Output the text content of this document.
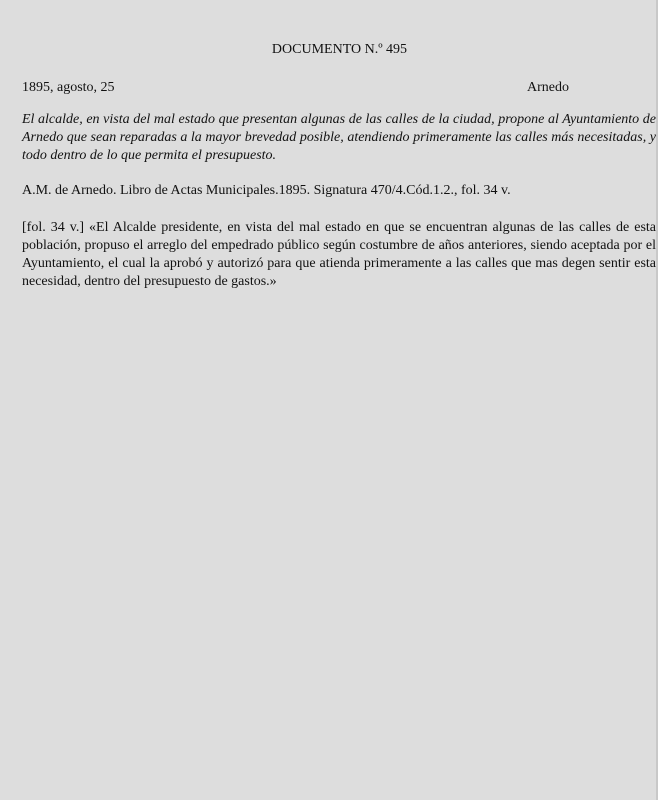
DOCUMENTO N.º 495
1895, agosto, 25	Arnedo

El alcalde, en vista del mal estado que presentan algunas de las calles de la ciudad, propone al Ayuntamiento de Arnedo que sean reparadas a la mayor brevedad posible, atendiendo primeramente las calles más necesitadas, y todo dentro de lo que permita el presupuesto.

A.M. de Arnedo. Libro de Actas Municipales.1895. Signatura 470/4.Cód.1.2., fol. 34 v.

[fol. 34 v.] «El Alcalde presidente, en vista del mal estado en que se encuentran algunas de las calles de esta población, propuso el arreglo del empedrado público según costumbre de años anteriores, siendo aceptada por el Ayuntamiento, el cual la aprobó y autorizó para que atienda primeramente a las calles que mas degen sentir esta necesidad, dentro del presupuesto de gastos.»
